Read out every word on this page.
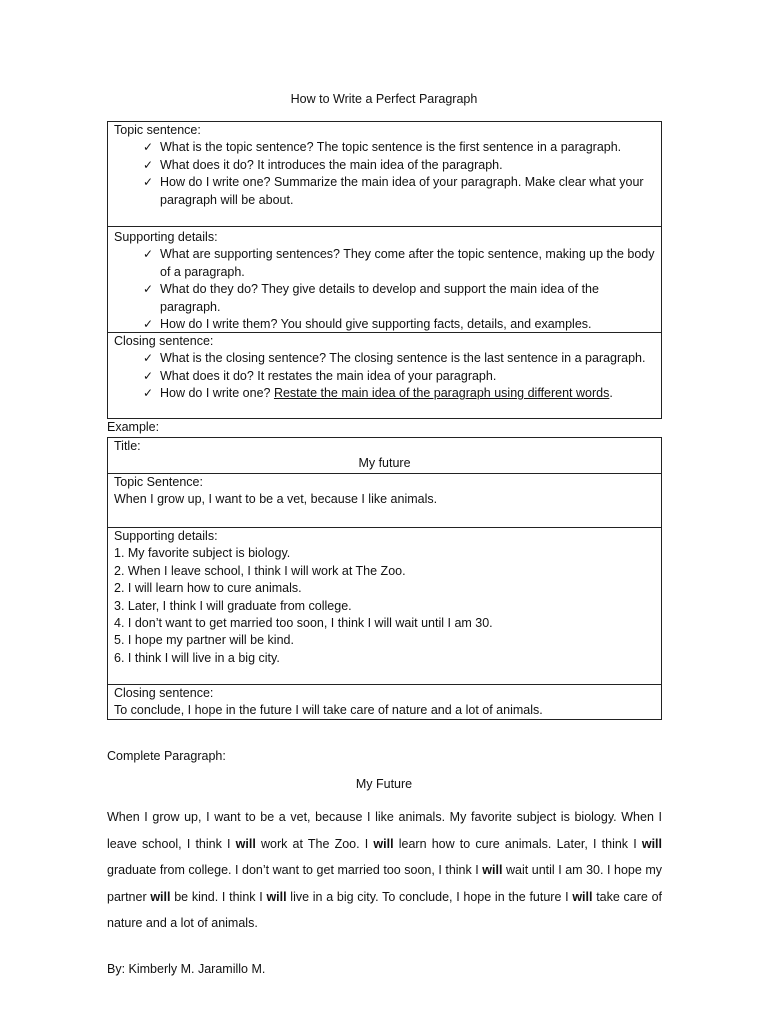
How to Write a Perfect Paragraph
Topic sentence:
✓ What is the topic sentence? The topic sentence is the first sentence in a paragraph.
✓ What does it do? It introduces the main idea of the paragraph.
✓ How do I write one? Summarize the main idea of your paragraph. Make clear what your paragraph will be about.
Supporting details:
✓ What are supporting sentences? They come after the topic sentence, making up the body of a paragraph.
✓ What do they do? They give details to develop and support the main idea of the paragraph.
✓ How do I write them? You should give supporting facts, details, and examples.
Closing sentence:
✓ What is the closing sentence? The closing sentence is the last sentence in a paragraph.
✓ What does it do? It restates the main idea of your paragraph.
✓ How do I write one? Restate the main idea of the paragraph using different words.
Example:
Title:
My future
Topic Sentence:
When I grow up, I want to be a vet, because I like animals.
Supporting details:
1. My favorite subject is biology.
2. When I leave school, I think I will work at The Zoo.
2. I will learn how to cure animals.
3. Later, I think I will graduate from college.
4. I don’t want to get married too soon, I think I will wait until I am 30.
5. I hope my partner will be kind.
6. I think I will live in a big city.
Closing sentence:
To conclude, I hope in the future I will take care of nature and a lot of animals.
Complete Paragraph:
My Future
When I grow up, I want to be a vet, because I like animals. My favorite subject is biology. When I leave school, I think I will work at The Zoo. I will learn how to cure animals. Later, I think I will graduate from college. I don’t want to get married too soon, I think I will wait until I am 30. I hope my partner will be kind. I think I will live in a big city. To conclude, I hope in the future I will take care of nature and a lot of animals.
By: Kimberly M. Jaramillo M.
